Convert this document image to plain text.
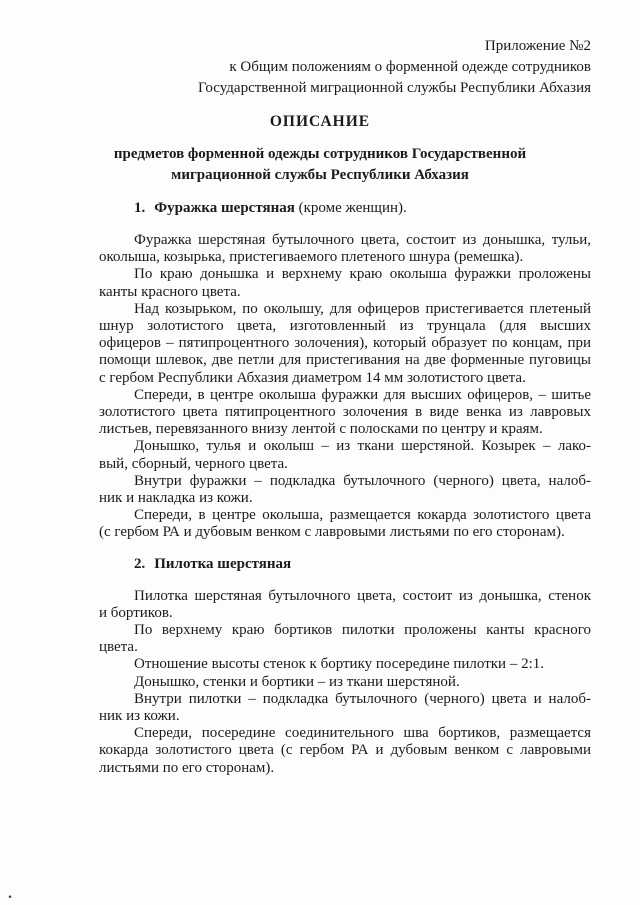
Приложение №2
к Общим положениям о форменной одежде сотрудников
Государственной миграционной службы Республики Абхазия
ОПИСАНИЕ
предметов форменной одежды сотрудников Государственной
миграционной службы Республики Абхазия

1. Фуражка шерстяная (кроме женщин).

Фуражка шерстяная бутылочного цвета, состоит из донышка, тульи,
околыша, козырька, пристегиваемого плетеного шнура (ремешка).
По краю донышка и верхнему краю околыша фуражки проложены
канты красного цвета.
Над козырьком, по околышу, для офицеров пристегивается плетеный
шнур золотистого цвета, изготовленный из трунцала (для высших
офицеров – пятипроцентного золочения), который образует по концам, при
помощи шлевок, две петли для пристегивания на две форменные пуговицы
с гербом Республики Абхазия диаметром 14 мм золотистого цвета.
Спереди, в центре околыша фуражки для высших офицеров, – шитье
золотистого цвета пятипроцентного золочения в виде венка из лавровых
листьев, перевязанного внизу лентой с полосками по центру и краям.
Донышко, тулья и околыш – из ткани шерстяной. Козырек – лако-
вый, сборный, черного цвета.
Внутри фуражки – подкладка бутылочного (черного) цвета, налоб-
ник и накладка из кожи.
Спереди, в центре околыша, размещается кокарда золотистого цвета
(с гербом РА и дубовым венком с лавровыми листьями по его сторонам).

2. Пилотка шерстяная

Пилотка шерстяная бутылочного цвета, состоит из донышка, стенок
и бортиков.
По верхнему краю бортиков пилотки проложены канты красного
цвета.
Отношение высоты стенок к бортику посередине пилотки – 2:1.
Донышко, стенки и бортики – из ткани шерстяной.
Внутри пилотки – подкладка бутылочного (черного) цвета и налоб-
ник из кожи.
Спереди, посередине соединительного шва бортиков, размещается
кокарда золотистого цвета (с гербом РА и дубовым венком с лавровыми
листьями по его сторонам).
.
